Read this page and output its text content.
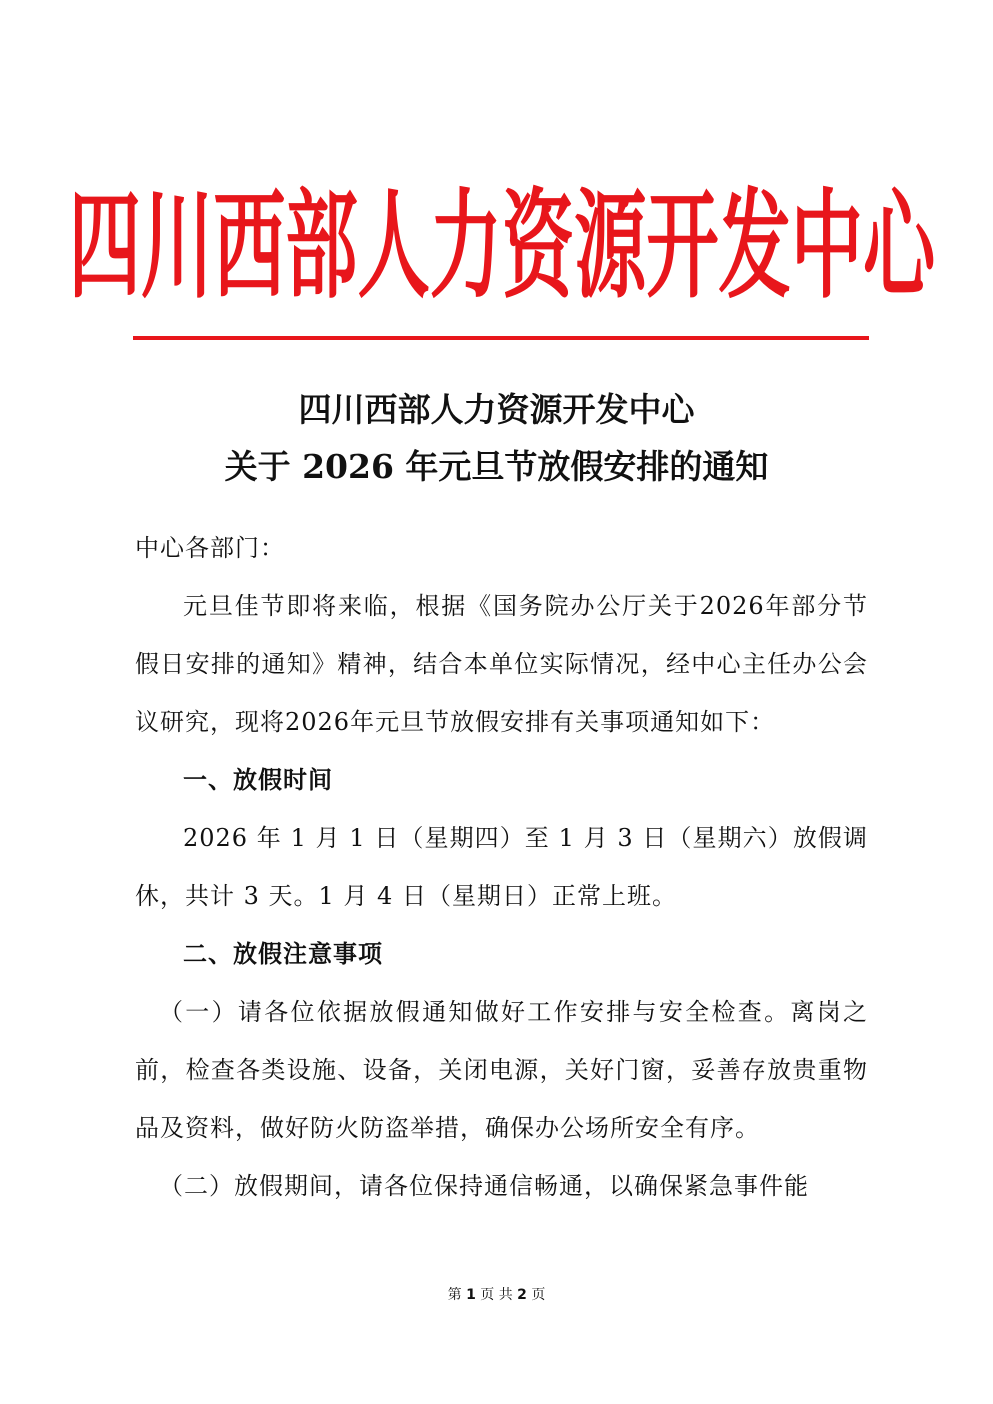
四川西部人力资源开发中心
四川西部人力资源开发中心
关于 2026 年元旦节放假安排的通知

中心各部门：

元旦佳节即将来临，根据《国务院办公厅关于2026年部分节假日安排的通知》精神，结合本单位实际情况，经中心主任办公会议研究，现将2026年元旦节放假安排有关事项通知如下：

一、放假时间

2026 年 1 月 1 日（星期四）至 1 月 3 日（星期六）放假调休，共计 3 天。1 月 4 日（星期日）正常上班。

二、放假注意事项

（一）请各位依据放假通知做好工作安排与安全检查。离岗之前，检查各类设施、设备，关闭电源，关好门窗，妥善存放贵重物品及资料，做好防火防盗举措，确保办公场所安全有序。

（二）放假期间，请各位保持通信畅通，以确保紧急事件能

第 1 页 共 2 页
